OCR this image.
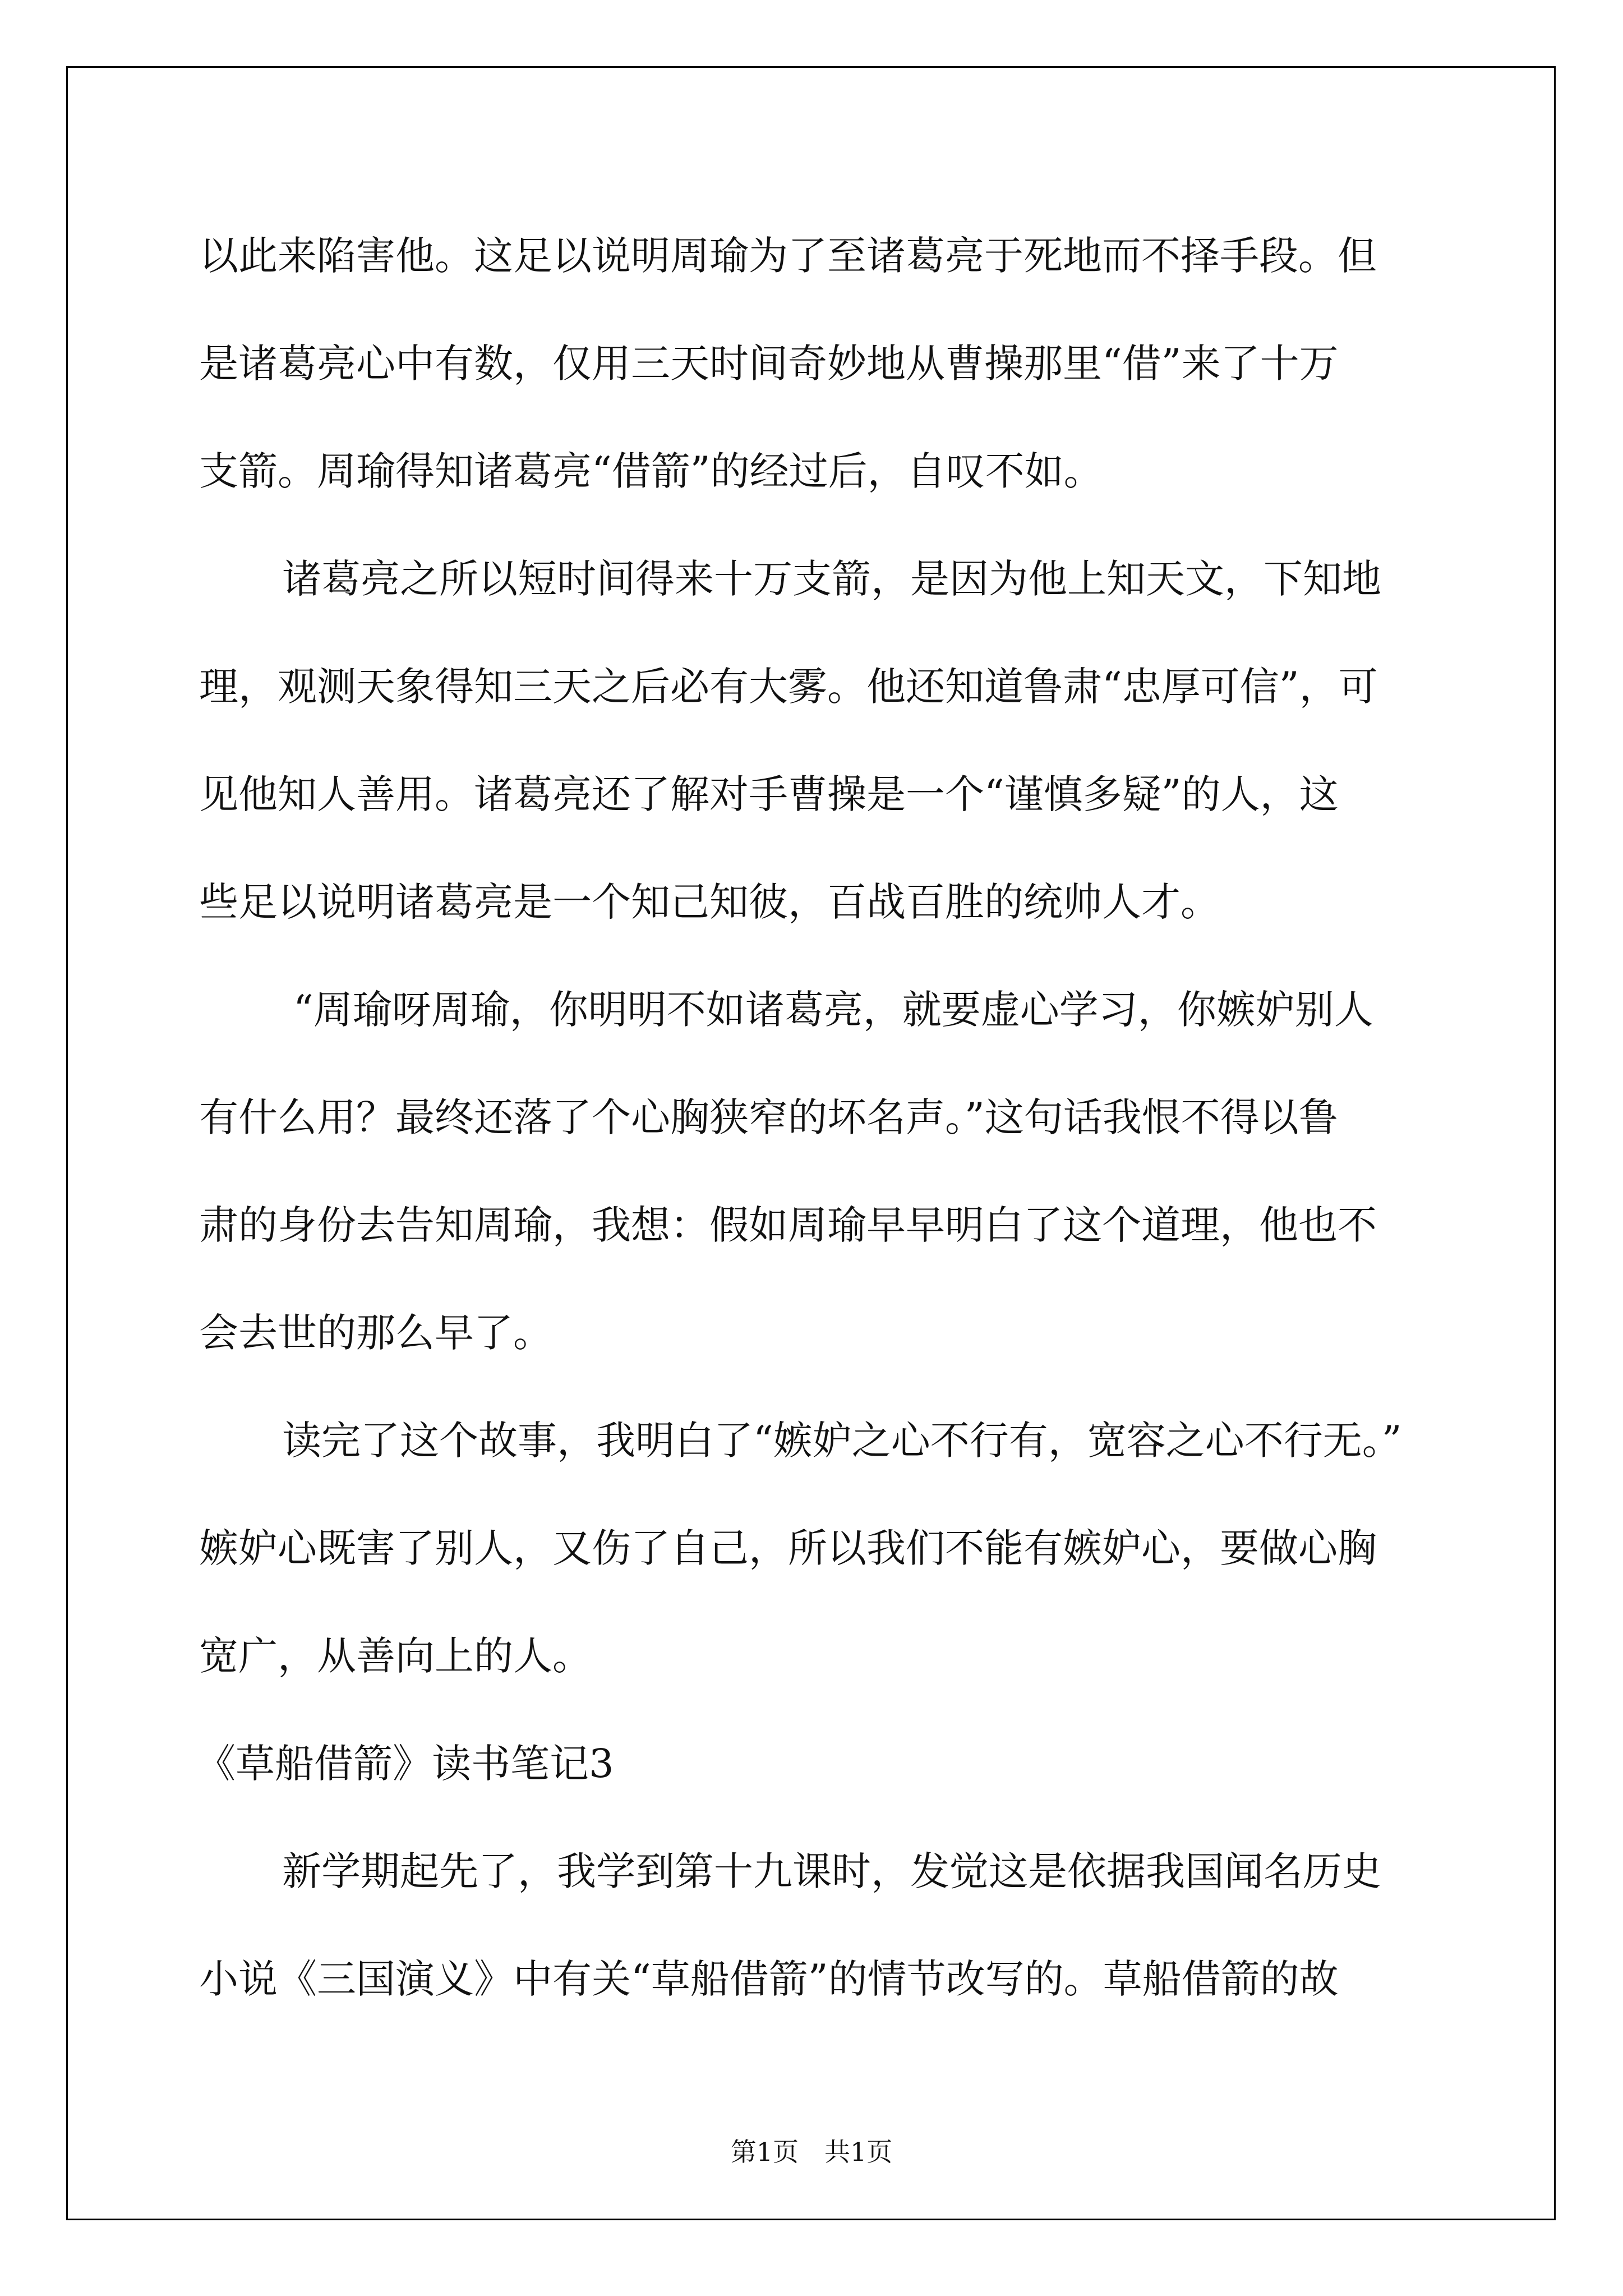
以此来陷害他。这足以说明周瑜为了至诸葛亮于死地而不择手段。但
是诸葛亮心中有数，仅用三天时间奇妙地从曹操那里“借”来了十万
支箭。周瑜得知诸葛亮“借箭”的经过后，自叹不如。
诸葛亮之所以短时间得来十万支箭，是因为他上知天文，下知地
理，观测天象得知三天之后必有大雾。他还知道鲁肃“忠厚可信”，可
见他知人善用。诸葛亮还了解对手曹操是一个“谨慎多疑”的人，这
些足以说明诸葛亮是一个知己知彼，百战百胜的统帅人才。
“周瑜呀周瑜，你明明不如诸葛亮，就要虚心学习，你嫉妒别人
有什么用？最终还落了个心胸狭窄的坏名声。”这句话我恨不得以鲁
肃的身份去告知周瑜，我想：假如周瑜早早明白了这个道理，他也不
会去世的那么早了。
读完了这个故事，我明白了“嫉妒之心不行有，宽容之心不行无。”
嫉妒心既害了别人，又伤了自己，所以我们不能有嫉妒心，要做心胸
宽广，从善向上的人。
《草船借箭》读书笔记3
新学期起先了，我学到第十九课时，发觉这是依据我国闻名历史
小说《三国演义》中有关“草船借箭”的情节改写的。草船借箭的故
第1页　共1页
